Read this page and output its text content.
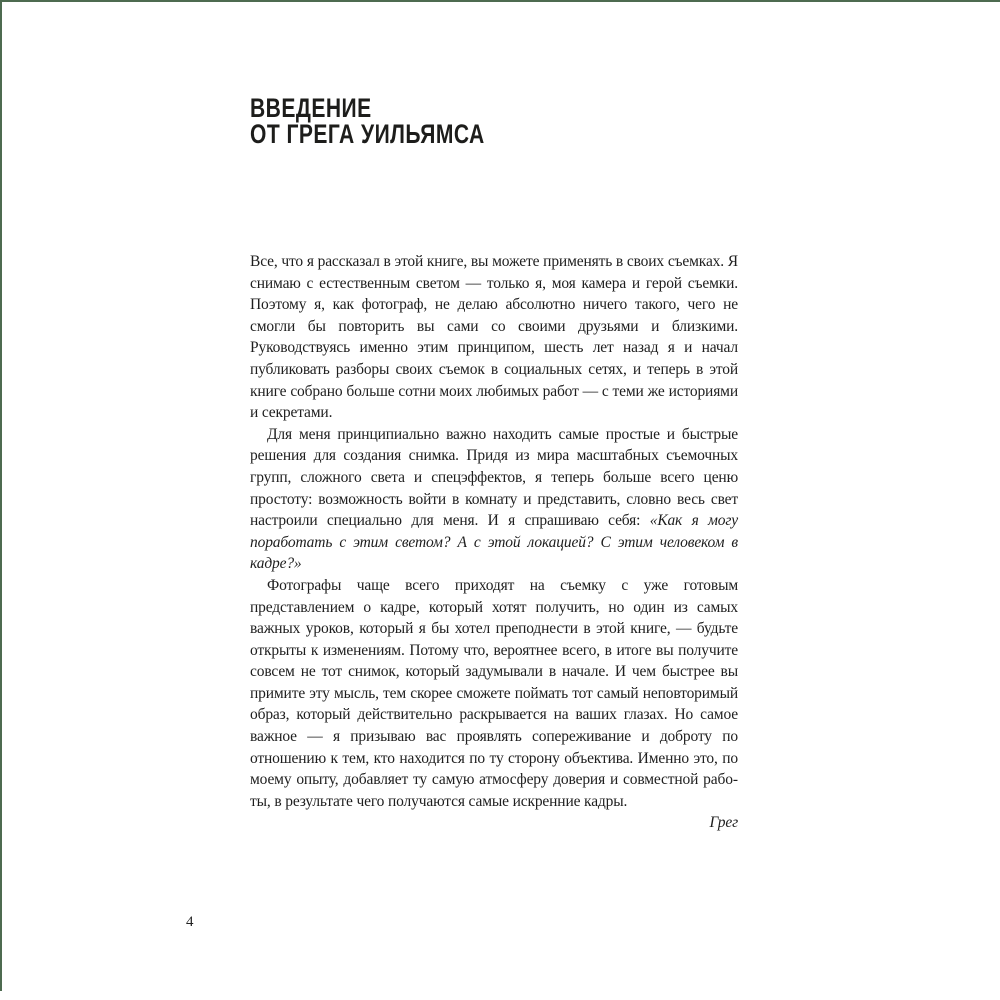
ВВЕДЕНИЕ
ОТ ГРЕГА УИЛЬЯМСА

Все, что я рассказал в этой книге, вы можете применять в своих съемках. Я снимаю с естественным светом — только я, моя камера и герой съемки. Поэтому я, как фотограф, не делаю абсолютно ничего такого, чего не смогли бы повторить вы сами со своими друзьями и близкими. Руководствуясь именно этим принципом, шесть лет назад я и начал публиковать разборы своих съемок в социальных сетях, и теперь в этой книге собрано больше сотни моих любимых работ — с теми же историями и секретами.

Для меня принципиально важно находить самые простые и быстрые решения для создания снимка. Придя из мира масштабных съемочных групп, сложного света и спецэффектов, я теперь больше всего ценю простоту: возможность войти в комнату и представить, словно весь свет настроили специально для меня. И я спрашиваю себя: «Как я могу поработать с этим светом? А с этой локацией? С этим человеком в кадре?»

Фотографы чаще всего приходят на съемку с уже готовым представлением о кадре, который хотят получить, но один из самых важных уроков, который я бы хотел преподнести в этой книге, — будьте открыты к изменениям. Потому что, вероятнее всего, в итоге вы получите совсем не тот снимок, который задумывали в начале. И чем быстрее вы примите эту мысль, тем скорее сможете поймать тот самый неповторимый образ, который действительно раскрывается на ваших глазах. Но самое важное — я призываю вас проявлять сопереживание и доброту по отношению к тем, кто находится по ту сторону объектива. Именно это, по моему опыту, добавляет ту самую атмосферу доверия и совместной работы, в результате чего получаются самые искренние кадры.

Грег

4
